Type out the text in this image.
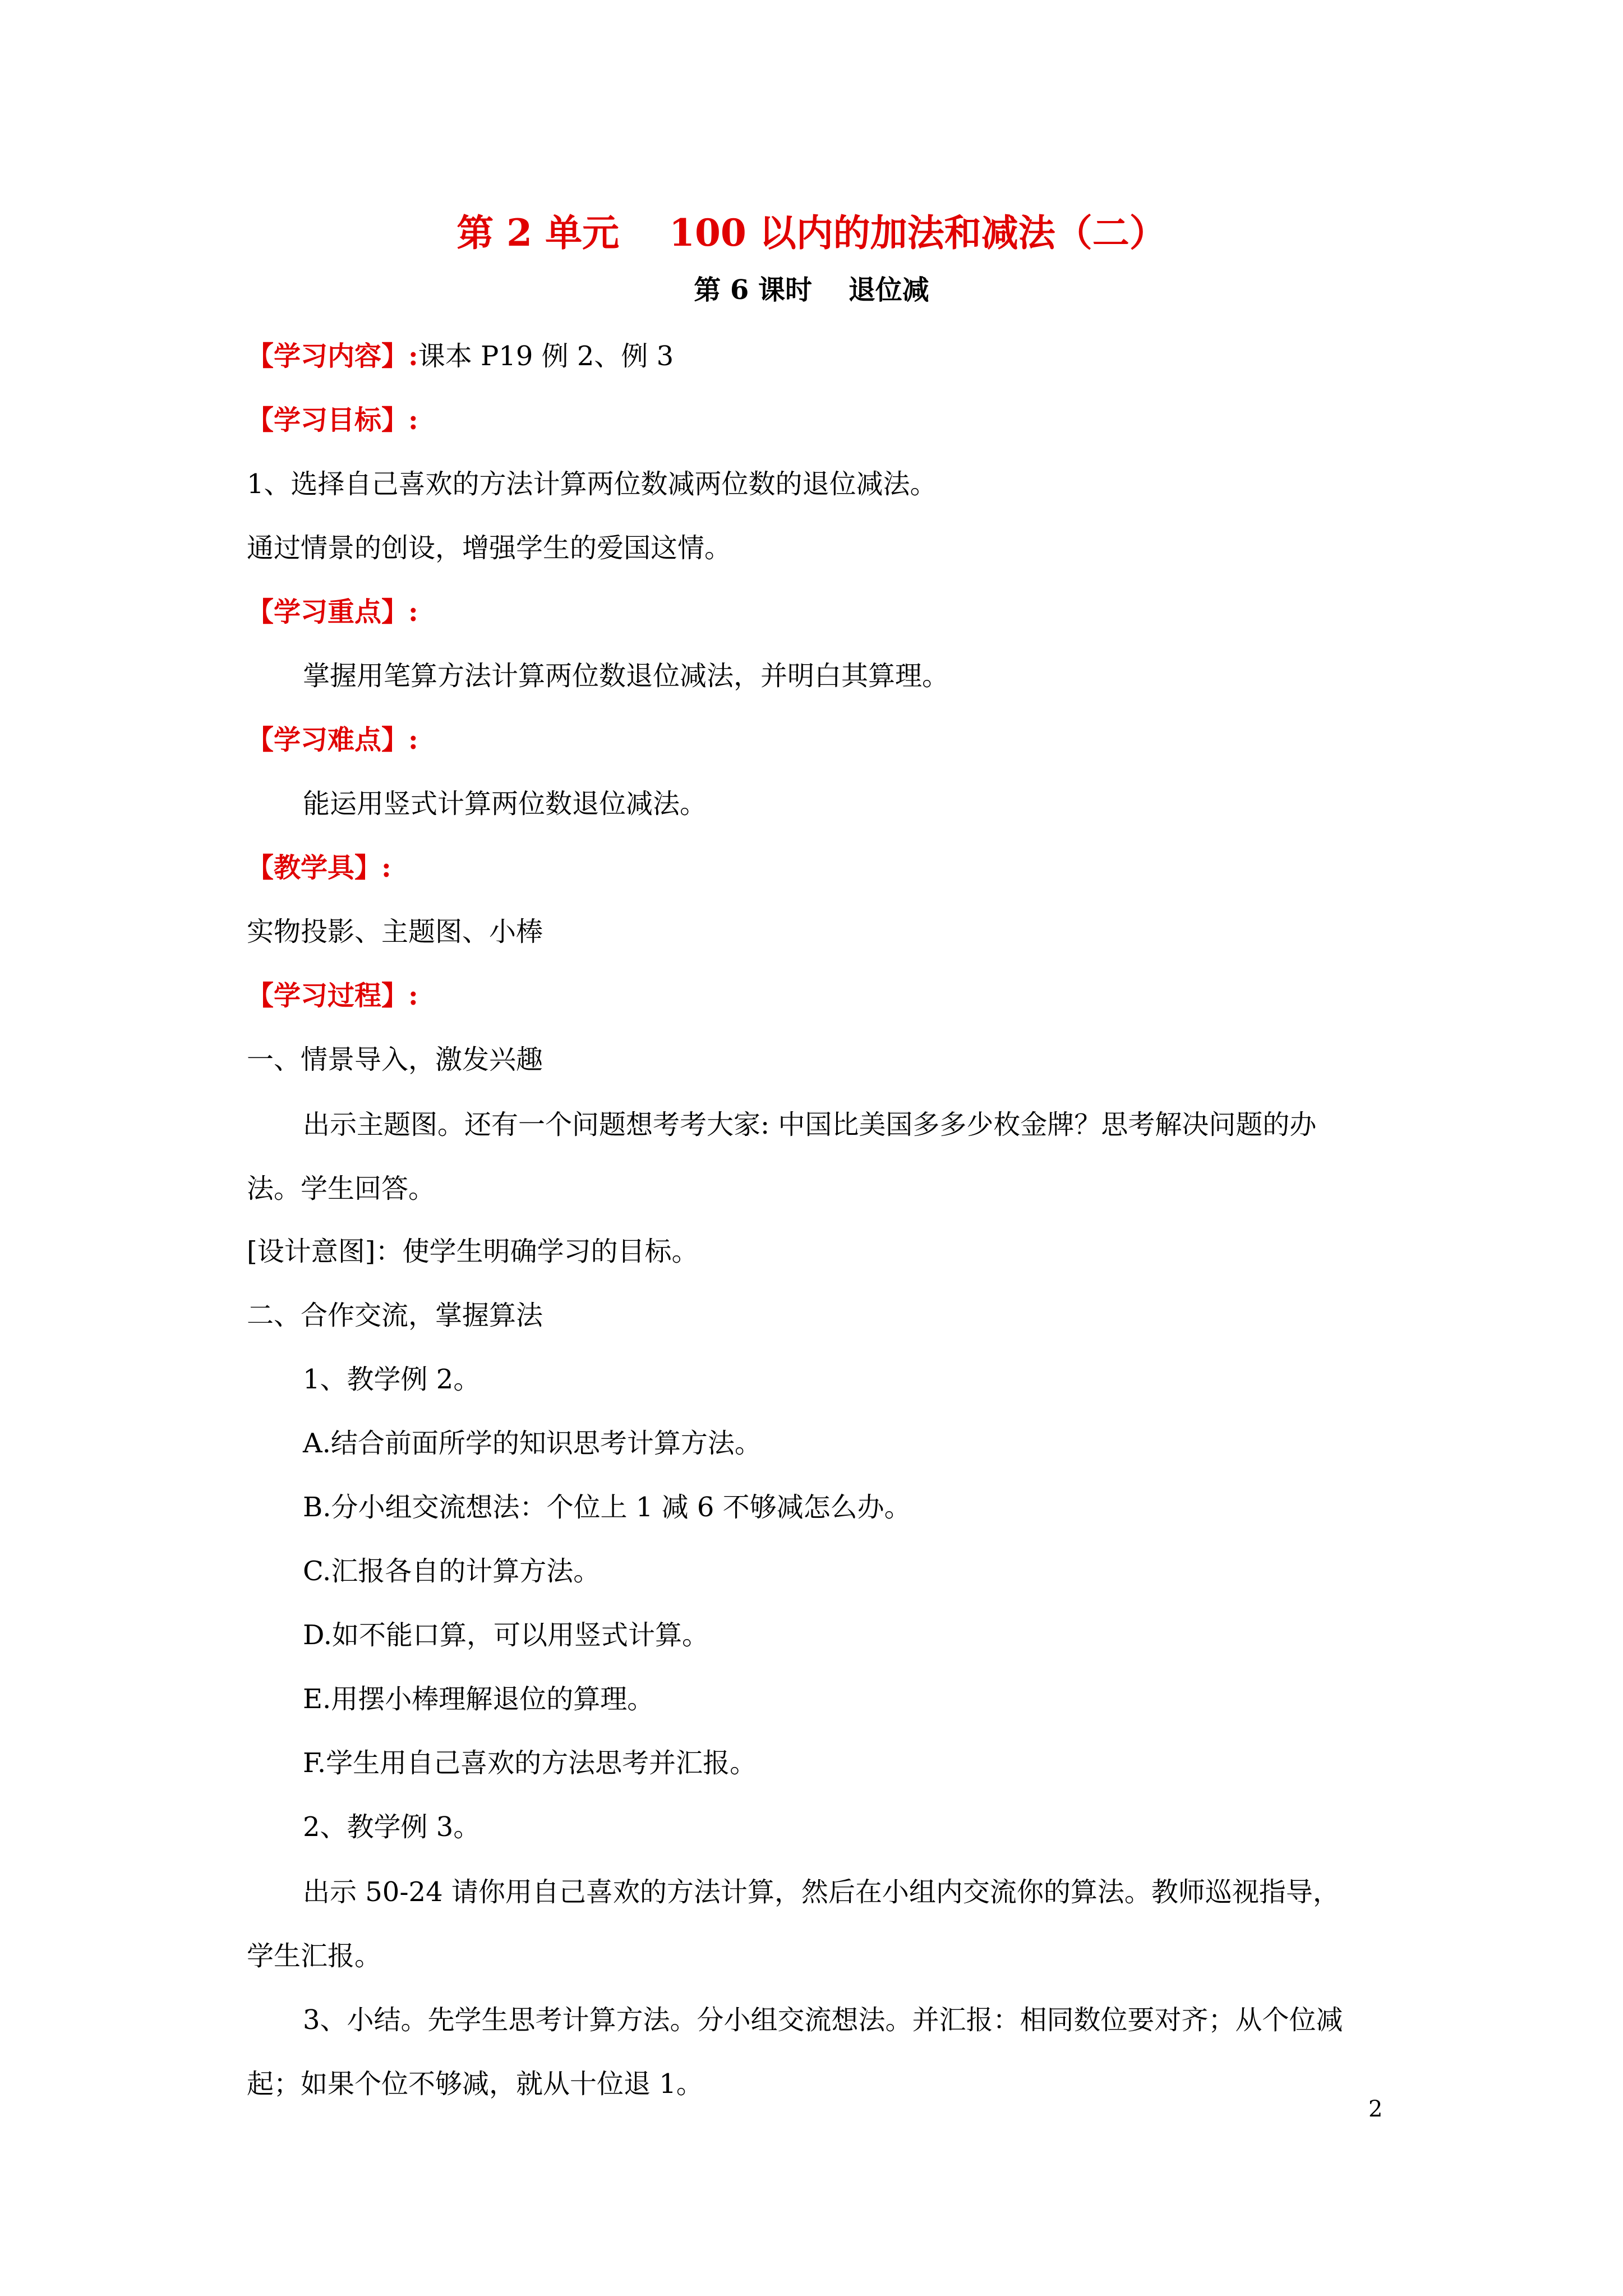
第 2 单元　 100 以内的加法和减法（二）
第 6 课时　 退位减
【学习内容】:课本 P19 例 2、例 3
【学习目标】:
1、选择自己喜欢的方法计算两位数减两位数的退位减法。
通过情景的创设，增强学生的爱国这情。
【学习重点】:
掌握用笔算方法计算两位数退位减法，并明白其算理。
【学习难点】:
能运用竖式计算两位数退位减法。
【教学具】:
实物投影、主题图、小棒
【学习过程】:
一、情景导入，激发兴趣
出示主题图。还有一个问题想考考大家: 中国比美国多多少枚金牌？思考解决问题的办法。学生回答。
[设计意图]：使学生明确学习的目标。
二、合作交流，掌握算法
1、教学例 2。
A.结合前面所学的知识思考计算方法。
B.分小组交流想法：个位上 1 减 6 不够减怎么办。
C.汇报各自的计算方法。
D.如不能口算，可以用竖式计算。
E.用摆小棒理解退位的算理。
F.学生用自己喜欢的方法思考并汇报。
2、教学例 3。
出示 50-24 请你用自己喜欢的方法计算，然后在小组内交流你的算法。教师巡视指导，学生汇报。
3、小结。先学生思考计算方法。分小组交流想法。并汇报：相同数位要对齐；从个位减起；如果个位不够减，就从十位退 1。
2
